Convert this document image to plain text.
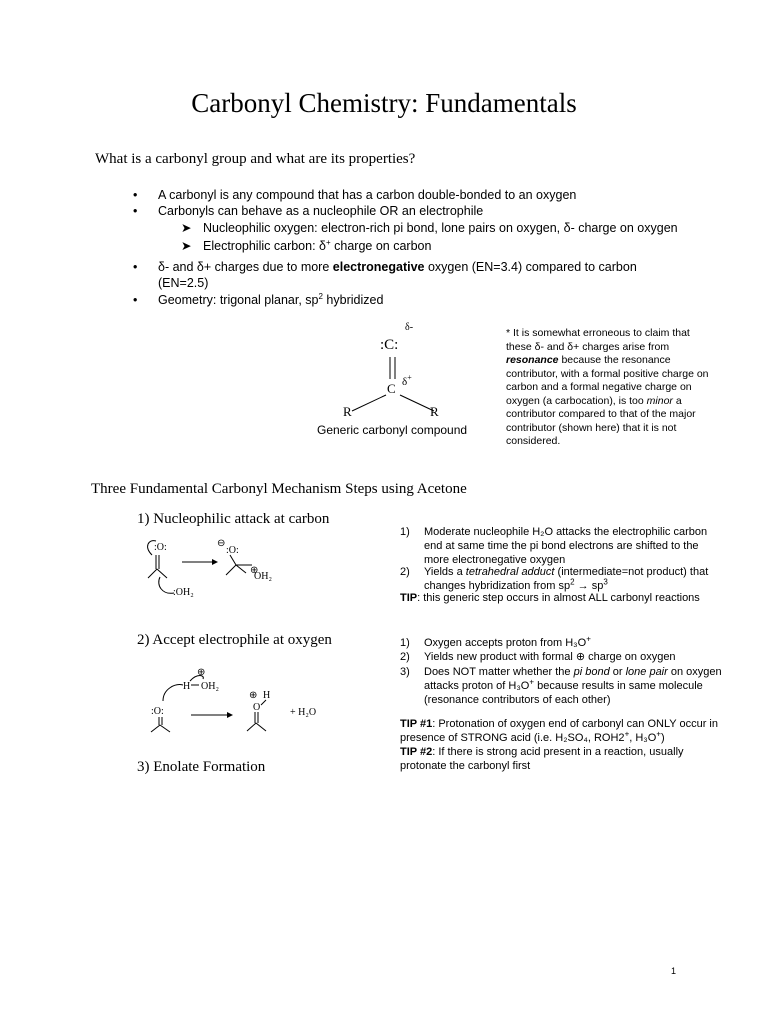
Carbonyl Chemistry: Fundamentals
What is a carbonyl group and what are its properties?
• A carbonyl is any compound that has a carbon double-bonded to an oxygen
• Carbonyls can behave as a nucleophile OR an electrophile
➤ Nucleophilic oxygen: electron-rich pi bond, lone pairs on oxygen, δ- charge on oxygen
➤ Electrophilic carbon: δ+ charge on carbon
• δ- and δ+ charges due to more electronegative oxygen (EN=3.4) compared to carbon
(EN=2.5)
• Geometry: trigonal planar, $sp^2$ hybridized
δ-
:C:
C δ+
R	R
Generic carbonyl compound
* It is somewhat erroneous to claim that these δ- and δ+ charges arise from resonance because the resonance contributor, with a formal positive charge on carbon and a formal negative charge on oxygen (a carbocation), is too minor a contributor compared to that of the major contributor (shown here) that it is not considered.
Three Fundamental Carbonyl Mechanism Steps using Acetone
1) Nucleophilic attack at carbon
:O:
:OH₂
⊖
:O:
⊕
OH₂
1) Moderate nucleophile H₂O attacks the electrophilic carbon end at same time the pi bond electrons are shifted to the more electronegative oxygen
2) Yields a tetrahedral adduct (intermediate=not product) that changes hybridization from $sp^2 \to sp^3$
TIP: this generic step occurs in almost ALL carbonyl reactions
2) Accept electrophile at oxygen
⊕
H OH₂
:O:
⊕ H
O	+ H₂O
1) Oxygen accepts proton from H₃O+
2) Yields new product with formal ⊕ charge on oxygen
3) Does NOT matter whether the pi bond or lone pair on oxygen attacks proton of H₃O+ because results in same molecule (resonance contributors of each other)
TIP #1: Protonation of oxygen end of carbonyl can ONLY occur in presence of STRONG acid (i.e. H₂SO₄, ROH2+, H₃O+)
TIP #2: If there is strong acid present in a reaction, usually protonate the carbonyl first
3) Enolate Formation
1
